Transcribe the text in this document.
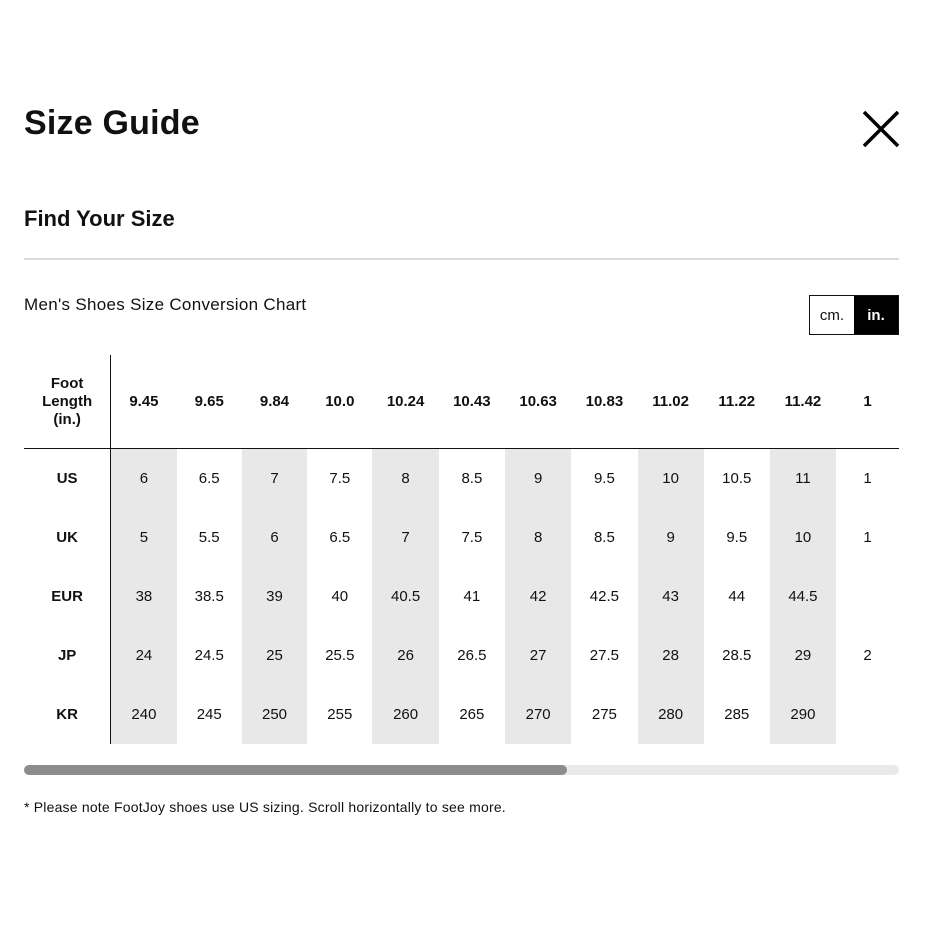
Size Guide
Find Your Size
Men's Shoes Size Conversion Chart
cm.	in.
Foot
Length
(in.)	9.45	9.65	9.84	10.0	10.24	10.43	10.63	10.83	11.02	11.22	11.42	1
US	6	6.5	7	7.5	8	8.5	9	9.5	10	10.5	11	1
UK	5	5.5	6	6.5	7	7.5	8	8.5	9	9.5	10	1
EUR	38	38.5	39	40	40.5	41	42	42.5	43	44	44.5	
JP	24	24.5	25	25.5	26	26.5	27	27.5	28	28.5	29	2
KR	240	245	250	255	260	265	270	275	280	285	290	

* Please note FootJoy shoes use US sizing. Scroll horizontally to see more.
